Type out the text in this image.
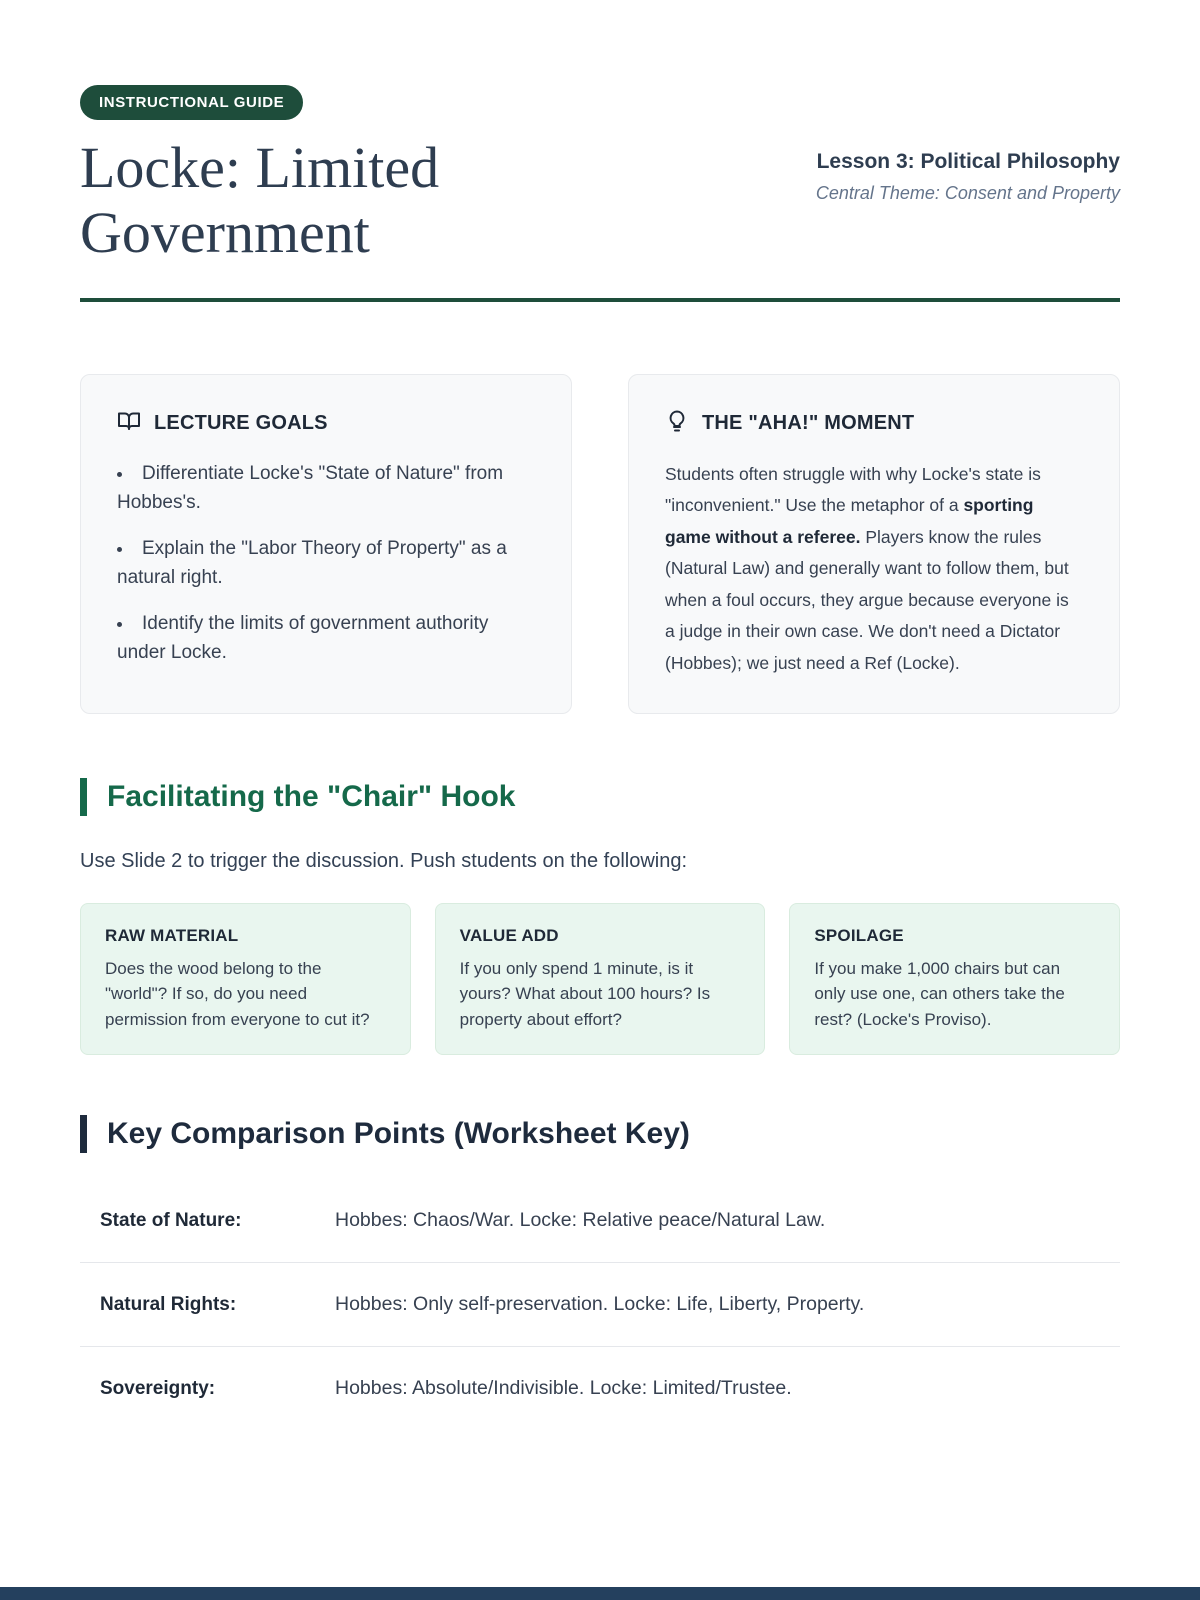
INSTRUCTIONAL GUIDE
Locke: Limited Government
Lesson 3: Political Philosophy
Central Theme: Consent and Property
LECTURE GOALS
• Differentiate Locke's "State of Nature" from Hobbes's.
• Explain the "Labor Theory of Property" as a natural right.
• Identify the limits of government authority under Locke.
THE "AHA!" MOMENT

Students often struggle with why Locke's state is "inconvenient." Use the metaphor of a sporting game without a referee. Players know the rules (Natural Law) and generally want to follow them, but when a foul occurs, they argue because everyone is a judge in their own case. We don't need a Dictator (Hobbes); we just need a Ref (Locke).

Facilitating the "Chair" Hook

Use Slide 2 to trigger the discussion. Push students on the following:

RAW MATERIAL
Does the wood belong to the "world"? If so, do you need permission from everyone to cut it?
VALUE ADD
If you only spend 1 minute, is it yours? What about 100 hours? Is property about effort?
SPOILAGE
If you make 1,000 chairs but can only use one, can others take the rest? (Locke's Proviso).
Key Comparison Points (Worksheet Key)
State of Nature:	Hobbes: Chaos/War. Locke: Relative peace/Natural Law.
Natural Rights:	Hobbes: Only self-preservation. Locke: Life, Liberty, Property.
Sovereignty:	Hobbes: Absolute/Indivisible. Locke: Limited/Trustee.
